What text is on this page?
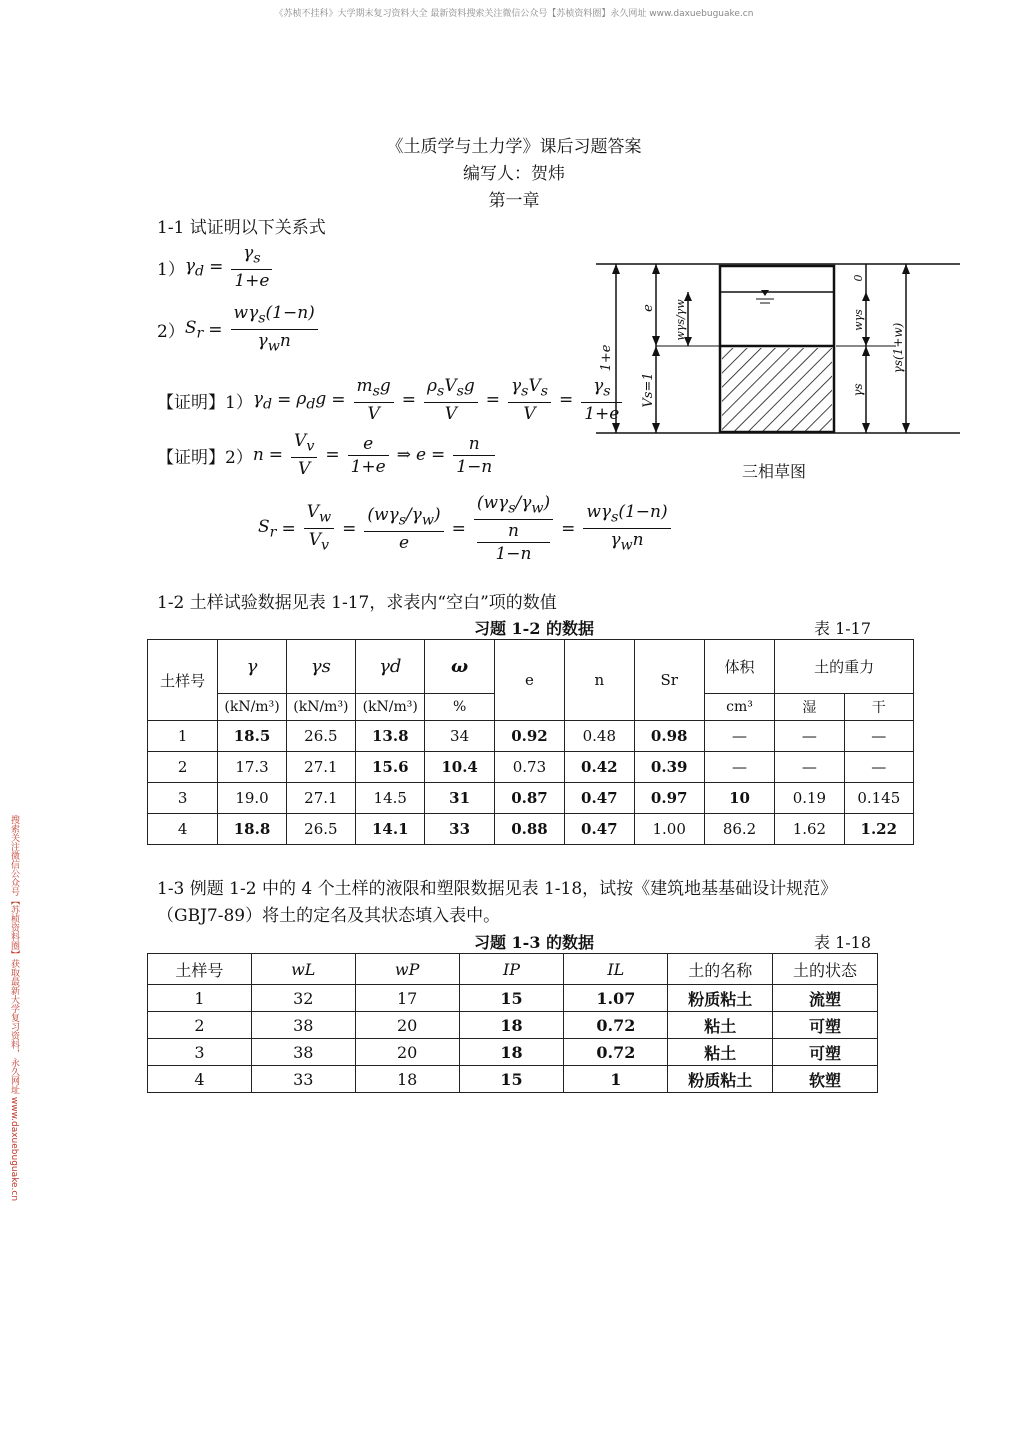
《苏桢不挂科》大学期末复习资料大全 最新资料搜索关注微信公众号【苏桢资料圈】永久网址 www.daxuebuguake.cn
搜索关注微信公众号【苏桢资料圈】获取最新大学复习资料，永久网址 www.daxuebuguake.cn
《土质学与土力学》课后习题答案
编写人：贺炜
第一章
1-1 试证明以下关系式
1） $\gamma_d = \frac{\gamma_s}{1+e}$
2） $S_r = \frac{w\gamma_s(1-n)}{\gamma_wn}$
【证明】1） $\gamma_d = \rho_dg = \frac{m_sg}{V} = \frac{\rho_sV_sg}{V} = \frac{\gamma_sV_s}{V} = \frac{\gamma_s}{1+e}$
【证明】2） $n = \frac{V_v}{V} = \frac{e}{1+e}$ ⇒ $e = \frac{n}{1-n}$
$S_r = \frac{V_w}{V_v} = \frac{(w\gamma_s/\gamma_w)}{e} = (w\gamma_s/\gamma_w)$
n
$1-n = \frac{w\gamma_s(1-n)}{\gamma_wn}$
1+e
e
Vs=1
wγs/γw
0
wγs
γs
γs(1+w)
三相草图
1-2 土样试验数据见表 1-17，求表内“空白”项的数值
习题 1-2 的数据	表 1-17
土样号	γ	γs	γd	ω	e	n	Sr	体积	土的重力	
	(kN/m³)	(kN/m³)	(kN/m³)	%				cm³	湿	干
1	18.5	26.5	13.8	34	0.92	0.48	0.98	—	—	—
2	17.3	27.1	15.6	10.4	0.73	0.42	0.39	—	—	—
3	19.0	27.1	14.5	31	0.87	0.47	0.97	10	0.19	0.145
4	18.8	26.5	14.1	33	0.88	0.47	1.00	86.2	1.62	1.22
1-3 例题 1-2 中的 4 个土样的液限和塑限数据见表 1-18，试按《建筑地基基础设计规范》
（GBJ7-89）将土的定名及其状态填入表中。
习题 1-3 的数据	表 1-18
土样号	wL	wP	IP	IL	土的名称	土的状态
1	32	17	15	1.07	粉质粘土	流塑
2	38	20	18	0.72	粘土	可塑
3	38	20	18	0.72	粘土	可塑
4	33	18	15	1	粉质粘土	软塑
